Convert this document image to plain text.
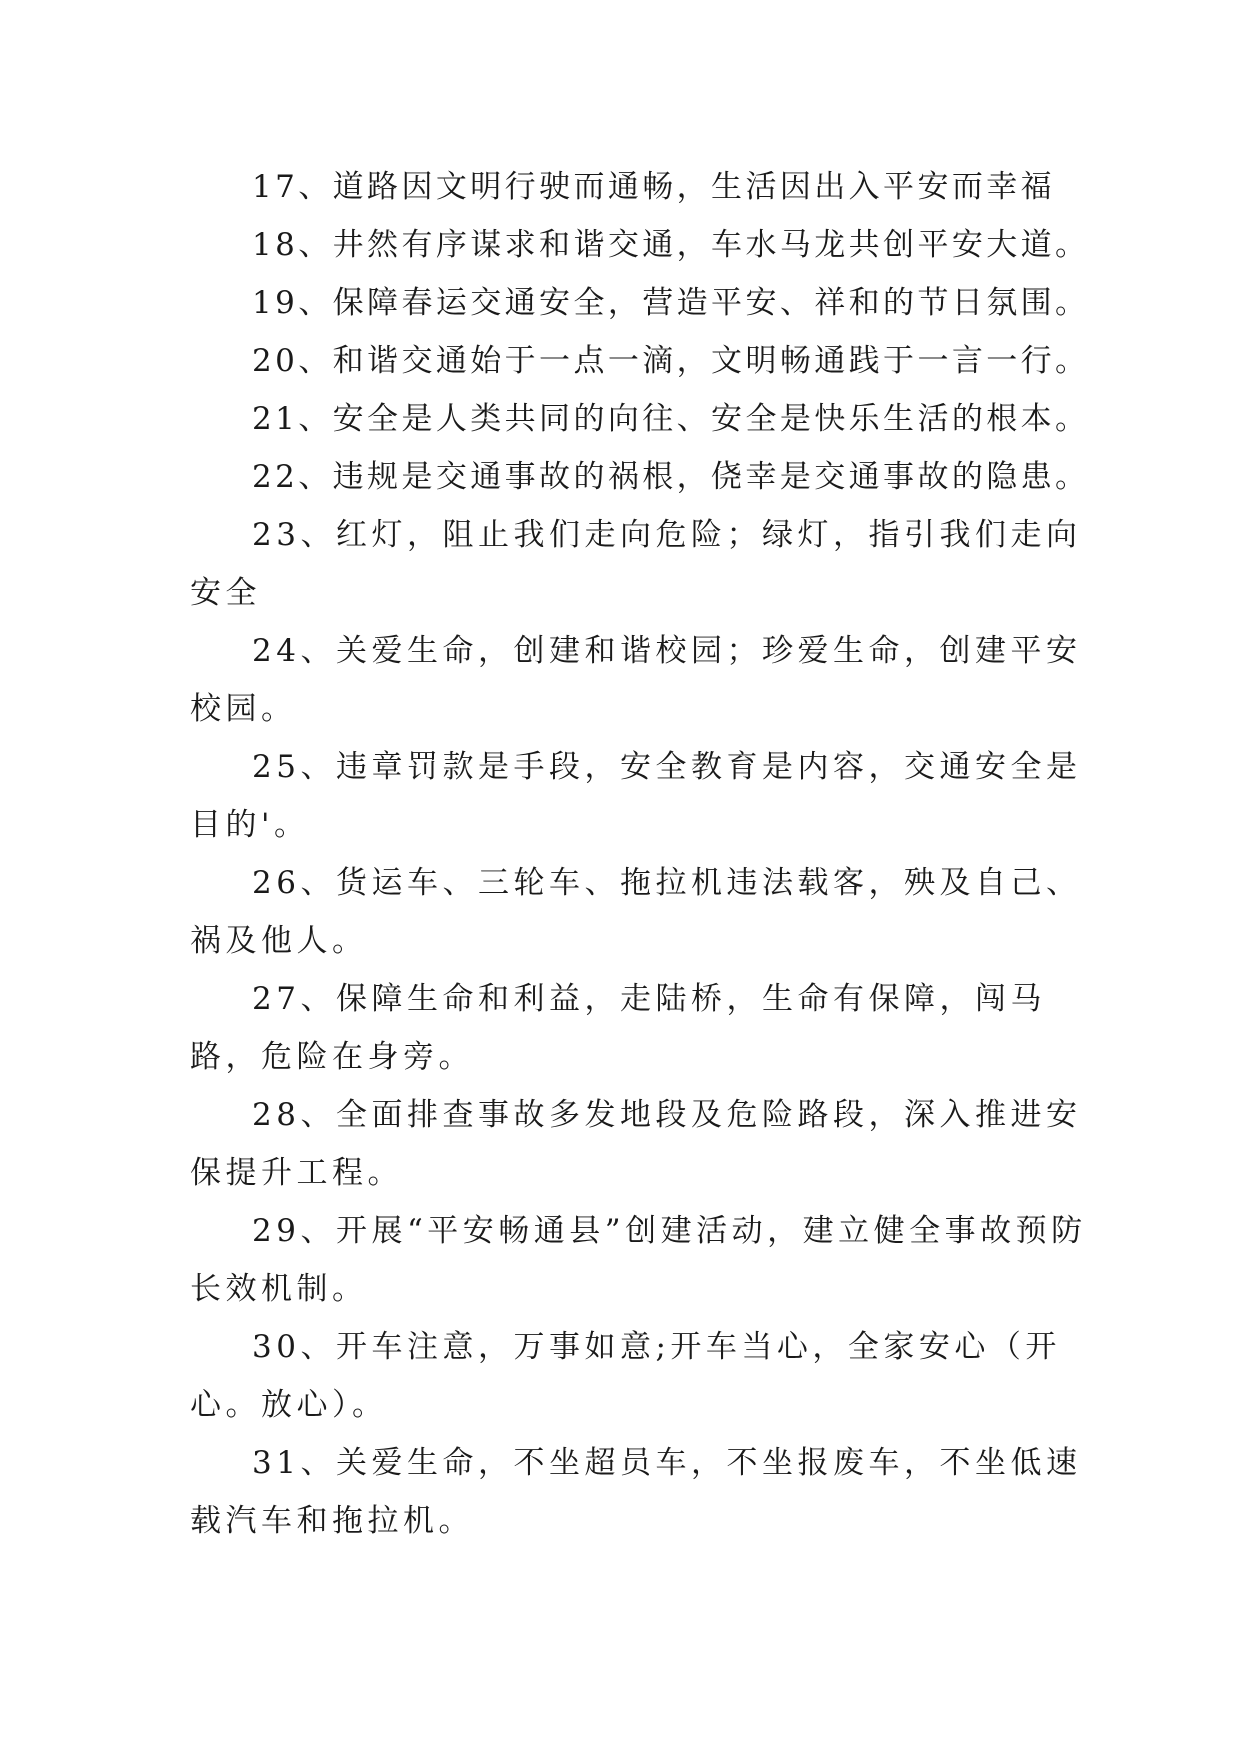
17、道路因文明行驶而通畅，生活因出入平安而幸福

18、井然有序谋求和谐交通，车水马龙共创平安大道。

19、保障春运交通安全，营造平安、祥和的节日氛围。

20、和谐交通始于一点一滴，文明畅通践于一言一行。

21、安全是人类共同的向往、安全是快乐生活的根本。

22、违规是交通事故的祸根，侥幸是交通事故的隐患。

23、红灯，阻止我们走向危险；绿灯，指引我们走向安全

24、关爱生命，创建和谐校园；珍爱生命，创建平安校园。

25、违章罚款是手段，安全教育是内容，交通安全是目的'。

26、货运车、三轮车、拖拉机违法载客，殃及自己、祸及他人。

27、保障生命和利益，走陆桥，生命有保障，闯马路，危险在身旁。

28、全面排查事故多发地段及危险路段，深入推进安保提升工程。

29、开展“平安畅通县”创建活动，建立健全事故预防长效机制。

30、开车注意，万事如意;开车当心，全家安心（开心。放心）。

31、关爱生命，不坐超员车，不坐报废车，不坐低速载汽车和拖拉机。
